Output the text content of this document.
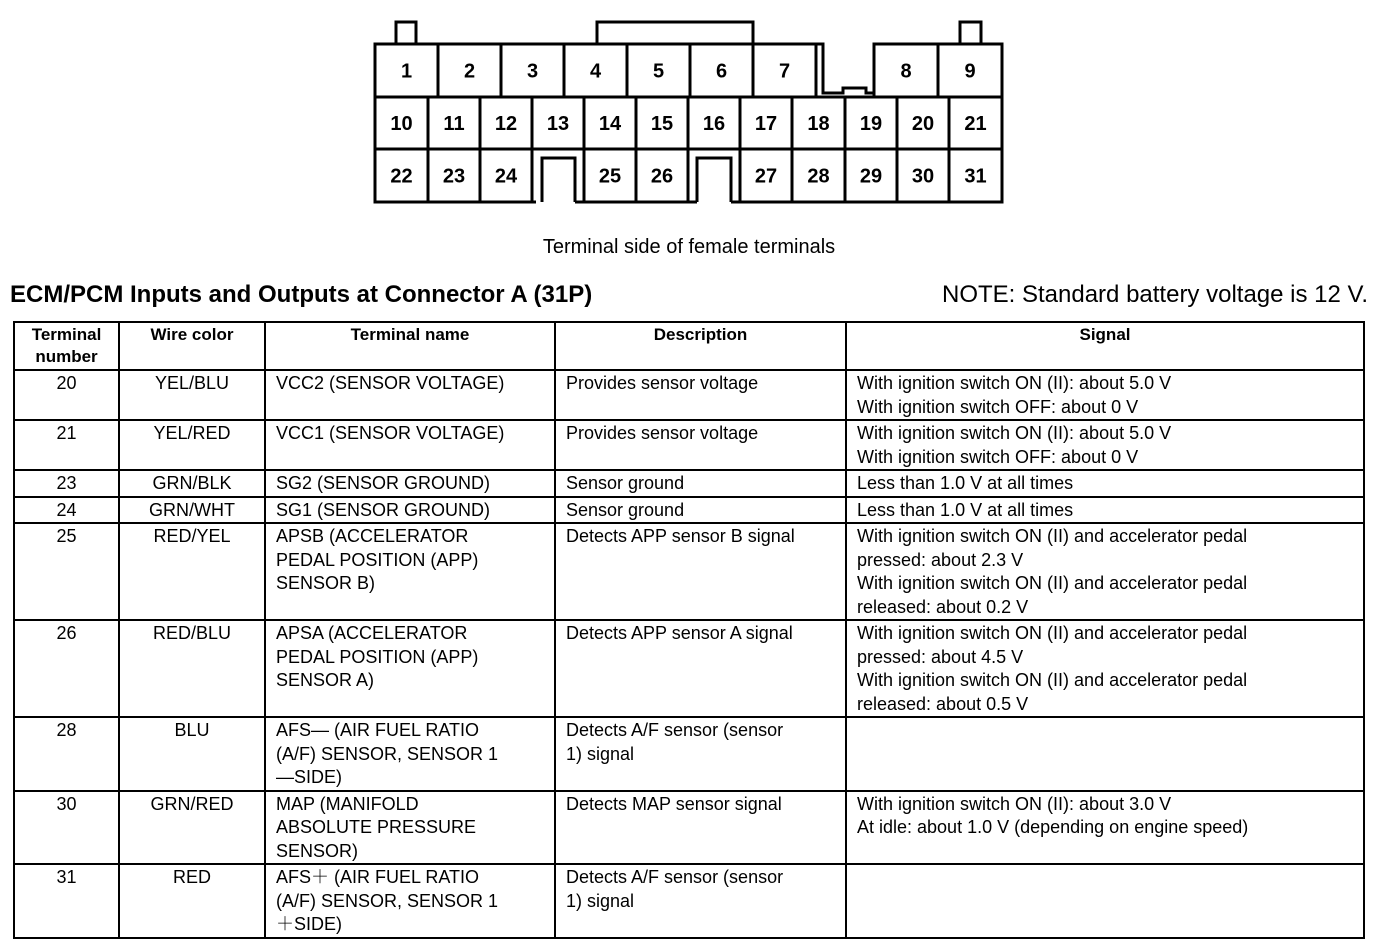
1	2	3	4	5	6	7	8	9
10 11 12 13 14 15 16 17 18 19 20 21
22 23 24	25 26	27 28 29 30 31
Terminal side of female terminals
ECM/PCM Inputs and Outputs at Connector A (31P)	NOTE: Standard battery voltage is 12 V.
Terminal
number	Wire color	Terminal name	Description	Signal
20	YEL/BLU	VCC2 (SENSOR VOLTAGE)	Provides sensor voltage	With ignition switch ON (II): about 5.0 V
With ignition switch OFF: about 0 V

21	YEL/RED	VCC1 (SENSOR VOLTAGE)	Provides sensor voltage	With ignition switch ON (II): about 5.0 V
With ignition switch OFF: about 0 V

23	GRN/BLK	SG2 (SENSOR GROUND)	Sensor ground	Less than 1.0 V at all times

24	GRN/WHT	SG1 (SENSOR GROUND)	Sensor ground	Less than 1.0 V at all times

25	RED/YEL	APSB (ACCELERATOR
PEDAL POSITION (APP)
SENSOR B)	Detects APP sensor B signal	With ignition switch ON (II) and accelerator pedal
pressed: about 2.3 V
With ignition switch ON (II) and accelerator pedal
released: about 0.2 V

26	RED/BLU	APSA (ACCELERATOR
PEDAL POSITION (APP)
SENSOR A)	Detects APP sensor A signal	With ignition switch ON (II) and accelerator pedal
pressed: about 4.5 V
With ignition switch ON (II) and accelerator pedal
released: about 0.5 V

28	BLU	AFS— (AIR FUEL RATIO
(A/F) SENSOR, SENSOR 1
—SIDE)	Detects A/F sensor (sensor
1) signal	

30	GRN/RED	MAP (MANIFOLD
ABSOLUTE PRESSURE
SENSOR)	Detects MAP sensor signal	With ignition switch ON (II): about 3.0 V
At idle: about 1.0 V (depending on engine speed)

31	RED	AFS＋ (AIR FUEL RATIO
(A/F) SENSOR, SENSOR 1
＋SIDE)	Detects A/F sensor (sensor
1) signal	
